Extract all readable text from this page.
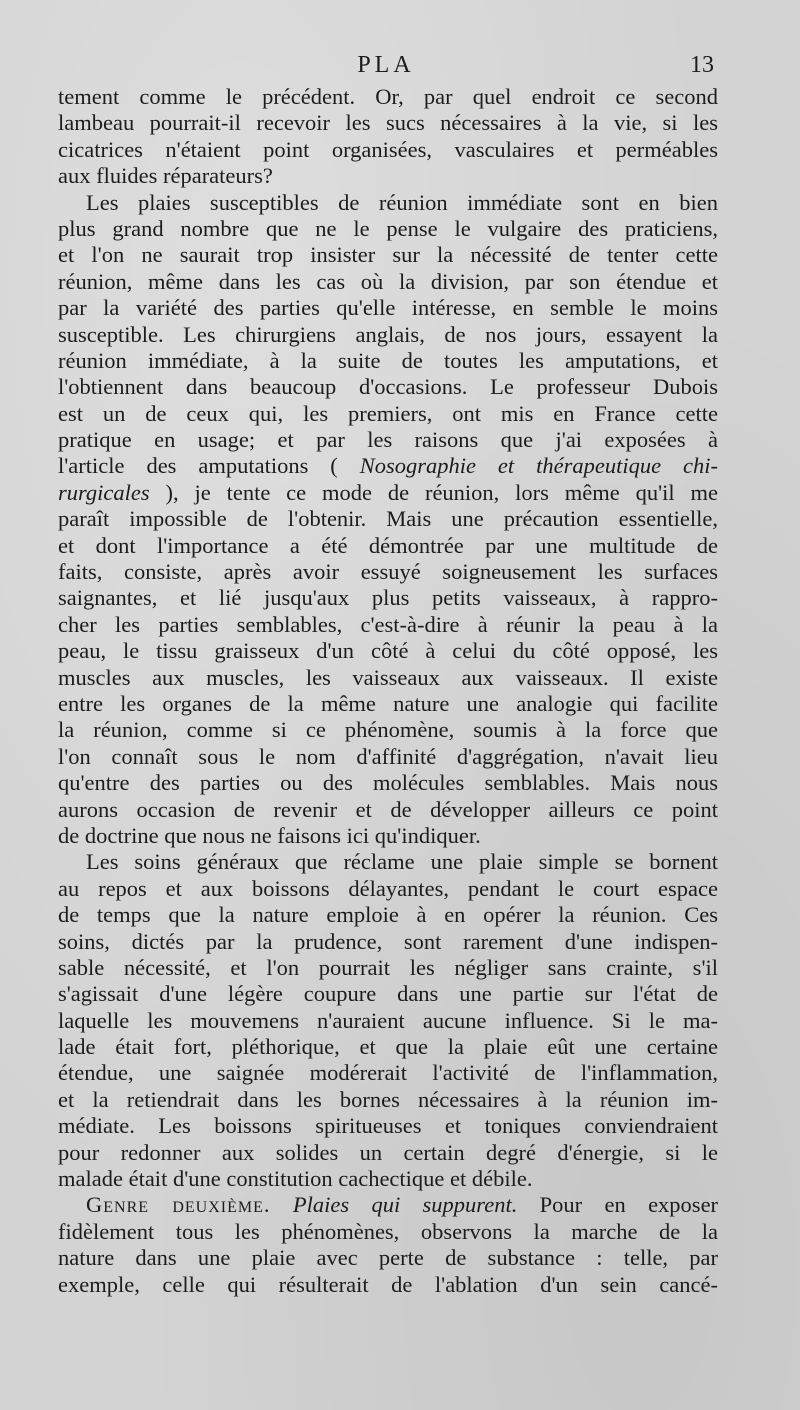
PLA	13
tement comme le précédent. Or, par quel endroit ce second
lambeau pourrait-il recevoir les sucs nécessaires à la vie, si les
cicatrices n'étaient point organisées, vasculaires et perméables
aux fluides réparateurs?
Les plaies susceptibles de réunion immédiate sont en bien
plus grand nombre que ne le pense le vulgaire des praticiens,
et l'on ne saurait trop insister sur la nécessité de tenter cette
réunion, même dans les cas où la division, par son étendue et
par la variété des parties qu'elle intéresse, en semble le moins
susceptible. Les chirurgiens anglais, de nos jours, essayent la
réunion immédiate, à la suite de toutes les amputations, et
l'obtiennent dans beaucoup d'occasions. Le professeur Dubois
est un de ceux qui, les premiers, ont mis en France cette
pratique en usage; et par les raisons que j'ai exposées à
l'article des amputations ( Nosographie et thérapeutique chi-
rurgicales ), je tente ce mode de réunion, lors même qu'il me
paraît impossible de l'obtenir. Mais une précaution essentielle,
et dont l'importance a été démontrée par une multitude de
faits, consiste, après avoir essuyé soigneusement les surfaces
saignantes, et lié jusqu'aux plus petits vaisseaux, à rappro-
cher les parties semblables, c'est-à-dire à réunir la peau à la
peau, le tissu graisseux d'un côté à celui du côté opposé, les
muscles aux muscles, les vaisseaux aux vaisseaux. Il existe
entre les organes de la même nature une analogie qui facilite
la réunion, comme si ce phénomène, soumis à la force que
l'on connaît sous le nom d'affinité d'aggrégation, n'avait lieu
qu'entre des parties ou des molécules semblables. Mais nous
aurons occasion de revenir et de développer ailleurs ce point
de doctrine que nous ne faisons ici qu'indiquer.
Les soins généraux que réclame une plaie simple se bornent
au repos et aux boissons délayantes, pendant le court espace
de temps que la nature emploie à en opérer la réunion. Ces
soins, dictés par la prudence, sont rarement d'une indispen-
sable nécessité, et l'on pourrait les négliger sans crainte, s'il
s'agissait d'une légère coupure dans une partie sur l'état de
laquelle les mouvemens n'auraient aucune influence. Si le ma-
lade était fort, pléthorique, et que la plaie eût une certaine
étendue, une saignée modérerait l'activité de l'inflammation,
et la retiendrait dans les bornes nécessaires à la réunion im-
médiate. Les boissons spiritueuses et toniques conviendraient
pour redonner aux solides un certain degré d'énergie, si le
malade était d'une constitution cachectique et débile.
Genre deuxième. Plaies qui suppurent. Pour en exposer
fidèlement tous les phénomènes, observons la marche de la
nature dans une plaie avec perte de substance : telle, par
exemple, celle qui résulterait de l'ablation d'un sein cancé-
